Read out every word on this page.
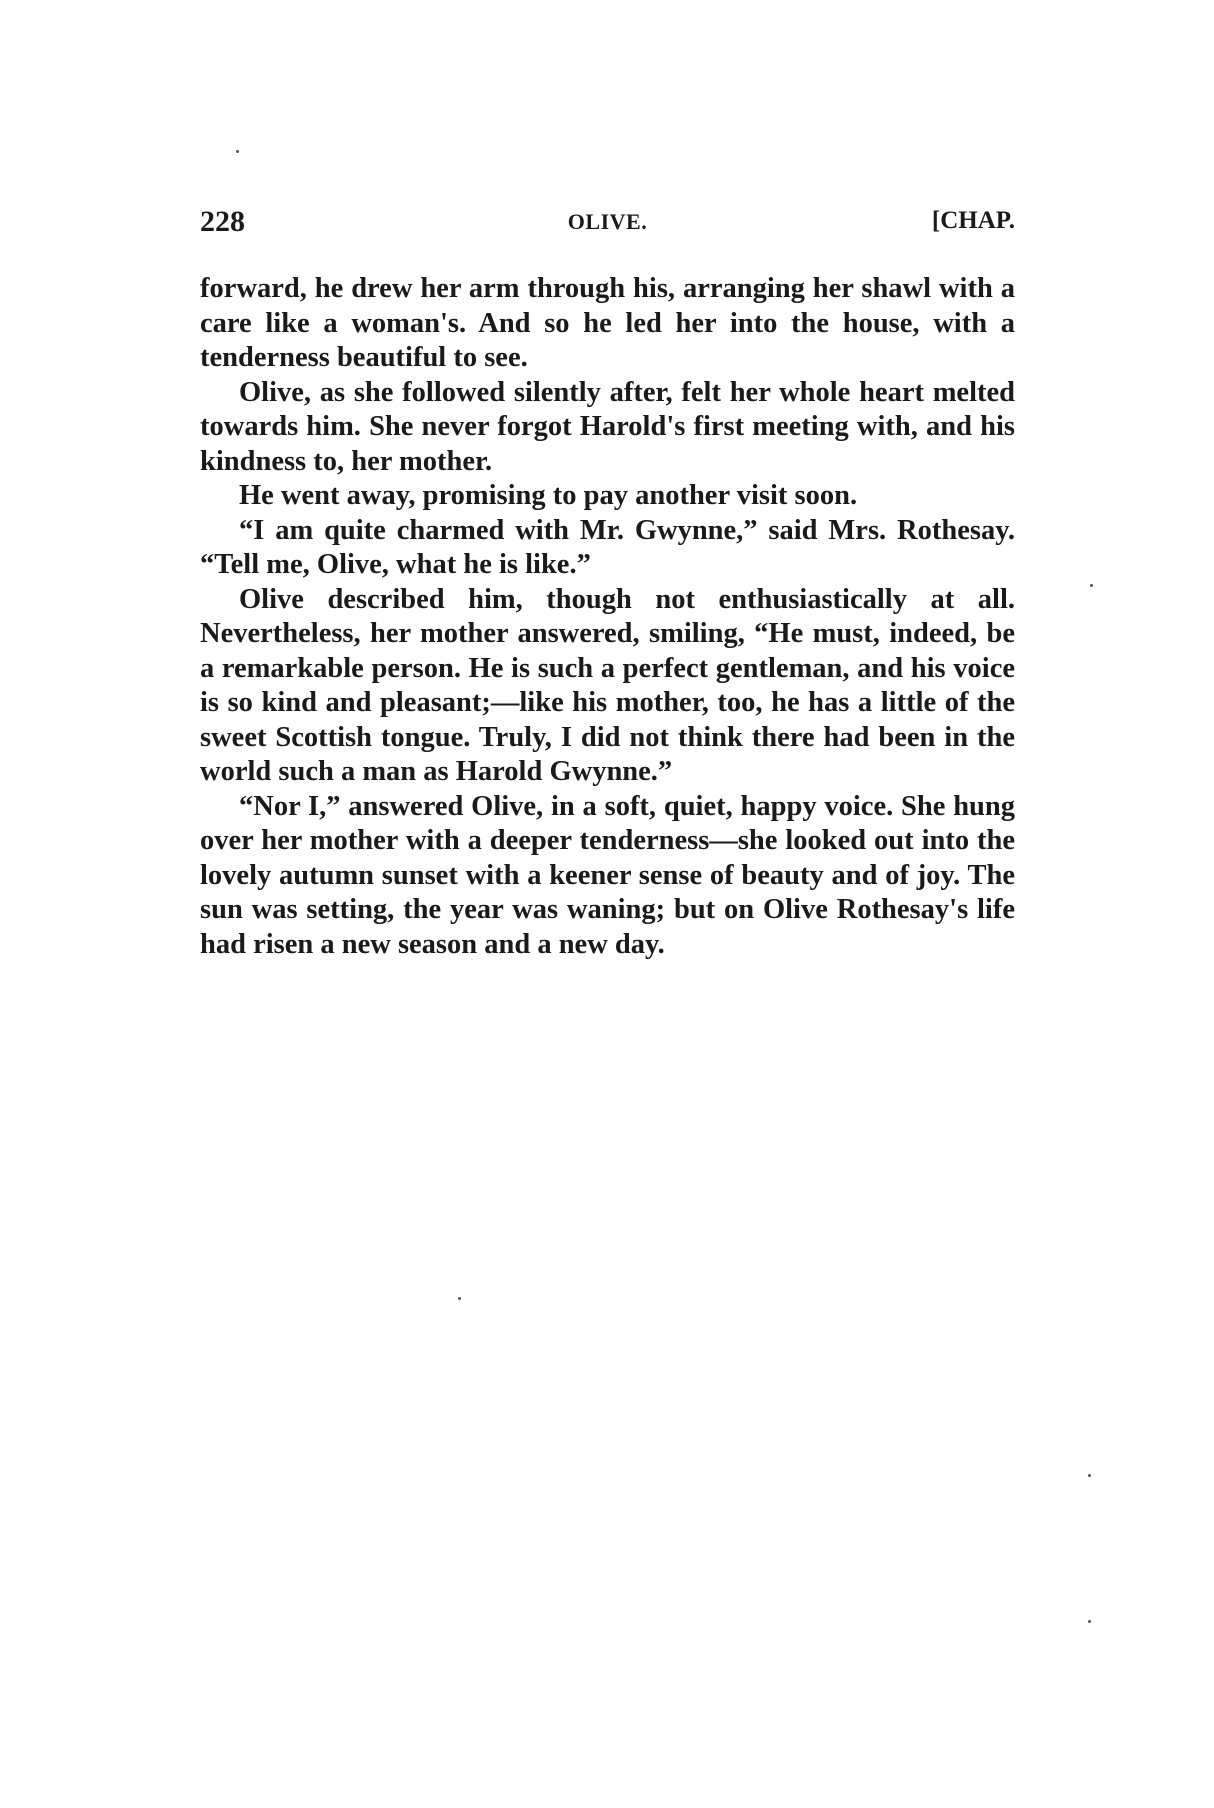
228	OLIVE.	[CHAP.

forward, he drew her arm through his, arranging her shawl with a care like a woman's. And so he led her into the house, with a tenderness beautiful to see.

Olive, as she followed silently after, felt her whole heart melted towards him. She never forgot Harold's first meeting with, and his kindness to, her mother.

He went away, promising to pay another visit soon.

“I am quite charmed with Mr. Gwynne,” said Mrs. Rothesay. “Tell me, Olive, what he is like.”

Olive described him, though not enthusiastically at all. Nevertheless, her mother answered, smiling, “He must, indeed, be a remarkable person. He is such a perfect gentleman, and his voice is so kind and pleasant;—like his mother, too, he has a little of the sweet Scottish tongue. Truly, I did not think there had been in the world such a man as Harold Gwynne.”

“Nor I,” answered Olive, in a soft, quiet, happy voice. She hung over her mother with a deeper tenderness—she looked out into the lovely autumn sunset with a keener sense of beauty and of joy. The sun was setting, the year was waning; but on Olive Rothesay's life had risen a new season and a new day.
